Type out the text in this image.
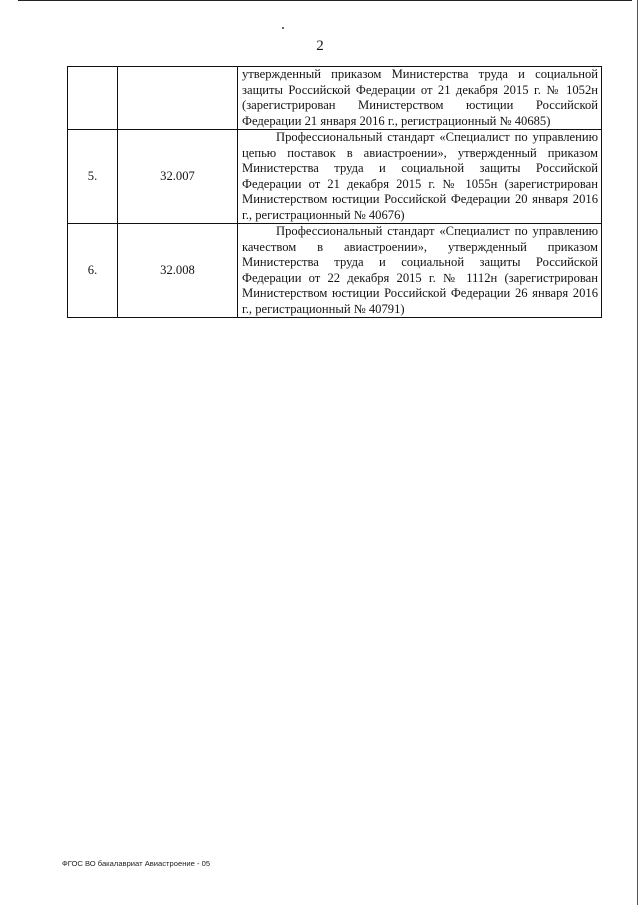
2
		утвержденный приказом Министерства труда и социальной защиты Российской Федерации от 21 декабря 2015 г. № 1052н (зарегистрирован Министерством юстиции Российской Федерации 21 января 2016 г., регистрационный № 40685)
5.	32.007	Профессиональный стандарт «Специалист по управлению цепью поставок в авиастроении», утвержденный приказом Министерства труда и социальной защиты Российской Федерации от 21 декабря 2015 г. № 1055н (зарегистрирован Министерством юстиции Российской Федерации 20 января 2016 г., регистрационный № 40676)

6.	32.008	Профессиональный стандарт «Специалист по управлению качеством в авиастроении», утвержденный приказом Министерства труда и социальной защиты Российской Федерации от 22 декабря 2015 г. № 1112н (зарегистрирован Министерством юстиции Российской Федерации 26 января 2016 г., регистрационный № 40791)
ФГОС ВО бакалавриат Авиастроение - 05
